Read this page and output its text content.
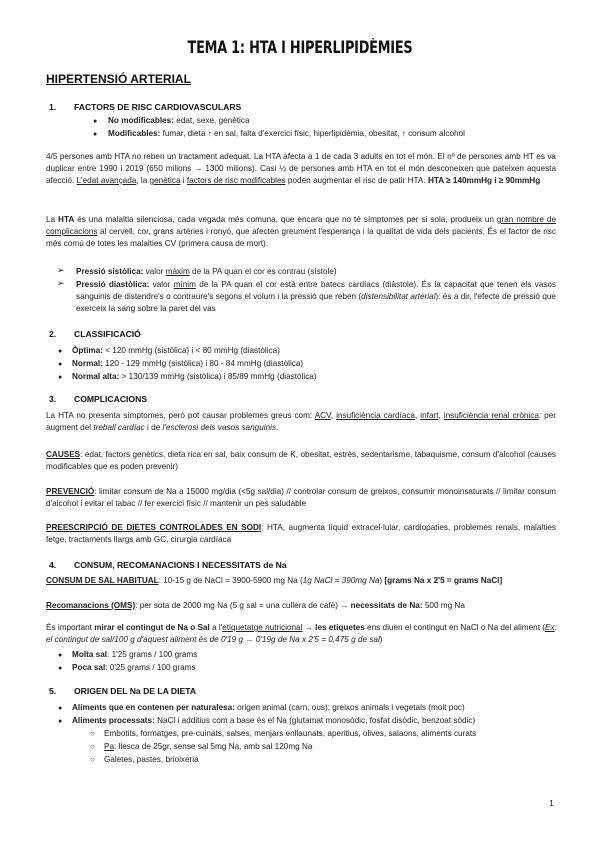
TEMA 1: HTA I HIPERLIPIDÈMIES
HIPERTENSIÓ ARTERIAL
1. FACTORS DE RISC CARDIOVASCULARS
● No modificables: edat, sexe, genètica
● Modificables: fumar, dieta ↑ en sal, falta d'exercici físic, hiperlipidèmia, obesitat, ↑ consum alcohol
4/5 persones amb HTA no reben un tractament adequat. La HTA afecta a 1 de cada 3 adults en tot el món. El nº de persones amb HT es va duplicar entre 1990 i 2019 (650 milions → 1300 milions). Casi ½ de persones amb HTA en tot el món desconeixen que pateixen aquesta afecció. L'edat avançada, la genètica i factors de risc modificables poden augmentar el risc de patir HTA. HTA ≥ 140mmHg i ≥ 90mmHg
La HTA és una malaltia silenciosa, cada vegada més comuna, que encara que no té símptomes per si sola, produeix un gran nombre de complicacions al cervell, cor, grans artèries i ronyó, que afecten greument l'esperança i la qualitat de vida dels pacients. És el factor de risc més comú de totes les malalties CV (primera causa de mort).
➢ Pressió sistòlica: valor màxim de la PA quan el cor es contrau (sístole)
➢ Pressió diastòlica: valor mínim de la PA quan el cor està entre batecs cardíacs (diàstole). És la capacitat que tenen els vasos sanguinis de distendre's o contraure's segons el volum i la pressió que reben (distensibilitat arterial): és a dir, l'efecte de pressió que exerceix la sang sobre la paret del vas
2. CLASSIFICACIÓ
● Òptima: < 120 mmHg (sistòlica) i < 80 mmHg (diastòlica)
● Normal: 120 - 129 mmHg (sistòlica) i 80 - 84 mmHg (diastòlica)
● Normal alta: > 130/139 mmHg (sistòlica) i 85/89 mmHg (diastòlica)
3. COMPLICACIONS
La HTA no presenta símptomes, però pot causar problemes greus com: ACV, insuficiència cardíaca, infart, insuficiència renal crònica: per augment del treball cardíac i de l'esclerosi dels vasos sanguinis.
CAUSES: edat, factors genètics, dieta rica en sal, baix consum de K, obesitat, estrès, sedentarisme, tabaquisme, consum d'alcohol (causes modificables que es poden prevenir)
PREVENCIÓ: limitar consum de Na a 15000 mg/dia (<5g sal/dia) // controlar consum de greixos, consumir monoinsaturats // limitar consum d'alcohol i evitar el tabac // fer exercici físic // mantenir un pes saludable
PREESCRIPCIÓ DE DIETES CONTROLADES EN SODI: HTA, augmenta líquid extracel·lular, cardiopaties, problemes renals, malalties fetge, tractaments llargs amb GC, cirurgia cardíaca
4. CONSUM, RECOMANACIONS I NECESSITATS de Na
CONSUM DE SAL HABITUAL: 10-15 g de NaCl = 3900-5900 mg Na (1g NaCl = 390mg Na) [grams Na x 2'5 = grams NaCl]
Recomanacions (OMS): per sota de 2000 mg Na (5 g sal = una cullera de cafè) → necessitats de Na: 500 mg Na
És important mirar el contingut de Na o Sal a l'etiquetatge nutricional → les etiquetes ens diuen el contingut en NaCl o Na del aliment (Ex: el contingut de sal/100 g d'aquest aliment és de 0'19 g → 0'19g de Na x 2'5 = 0,475 g de sal)
● Molta sal: 1'25 grams / 100 grams
● Poca sal: 0'25 grams / 100 grams
5. ORIGEN DEL Na DE LA DIETA
● Aliments que en contenen per naturalesa: origen animal (carn, ous); greixos animals i vegetals (molt poc)
● Aliments processats: NaCl i additius com a base és el Na (glutamat monosòdic, fosfat disòdic, benzoat sòdic)
○ Embotits, formatges, pre-cuinats, salses, menjars enllaunats, aperitius, olives, salaons, aliments curats
○ Pa: llesca de 25gr, sense sal 5mg Na, amb sal 120mg Na
○ Galetes, pastes, brioixeria
1
